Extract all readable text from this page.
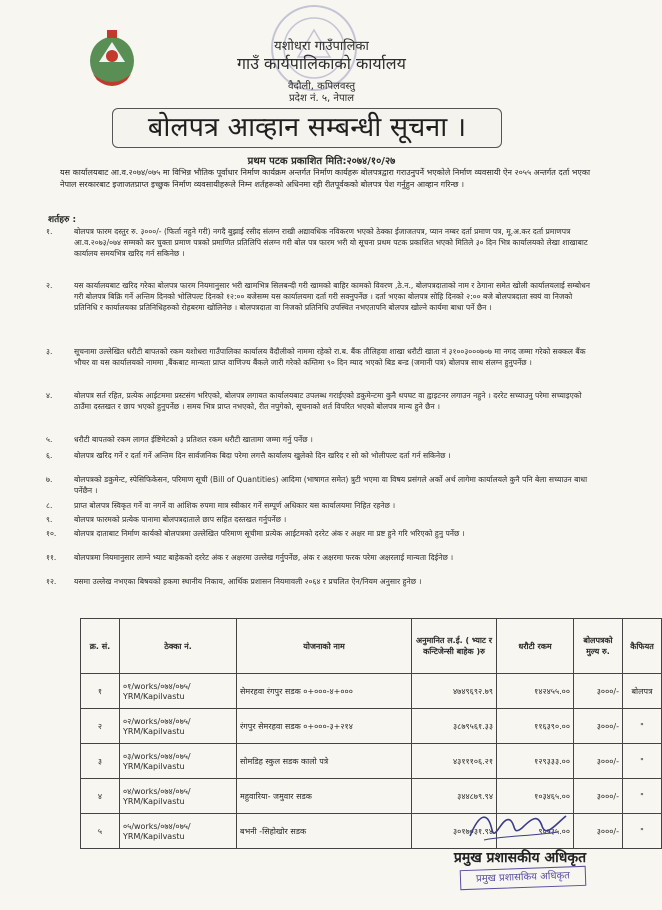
यशोधरा गाउँपालिका
गाउँ कार्यपालिकाको कार्यालय
वैदौली, कपिलवस्तु
प्रदेश नं. ५, नेपाल
बोलपत्र आव्हान सम्बन्धी सूचना ।
प्रथम पटक प्रकाशित मिति:२०७४/१०/२७
यस कार्यालयबाट आ.व.२०७४/०७५ मा विभिन्न भौतिक पूर्वाधार निर्माण कार्यक्रम अन्तर्गत निर्माण कार्यहरू बोलपत्रद्वारा गराउनुपर्ने भएकोले निर्माण व्यवसायी ऐन २०५५ अन्तर्गत दर्ता भएका नेपाल सरकारबाट इजाजतप्राप्त इच्छुक निर्माण व्यवसायीहरूले निम्न शर्तहरूको अधिनमा रही रीतपूर्वकको बोलपत्र पेश गर्नुहुन आव्हान गरिन्छ ।
शर्तहरु :
१.	बोलपत्र फारम दस्तुर रु. ३०००/- (फिर्ता नहुने गरी) नगदै बुझाई रसीद संलग्न राखी अद्यावधिक नविकरण भएको ठेक्का ईजाजतपत्र, प्यान नम्बर दर्ता प्रमाण पत्र, मू.अ.कर दर्ता प्रमाणपत्र आ.व.२०७३/०७४ सम्मको कर चुक्ता प्रमाण पत्रको प्रमाणित प्रतिलिपि संलग्न गरी बोल पत्र फारम भरी यो सूचना प्रथम पटक प्रकाशित भएको मितिले ३० दिन भित्र कार्यालयको लेखा शाखाबाट कार्यालय समयभित्र खरिद गर्न सकिनेछ ।
२.	यस कार्यालयबाट खरिद गरेका बोलपत्र फारम नियमानुसार भरी खामभित्र सिलबन्दी गरी खामको बाहिर कामको विवरण ,ठे.न., बोलपत्रदाताको नाम र ठेगाना समेत खोली कार्यालयलाई सम्बोधन गरी बोलपत्र बिक्रि गर्ने अन्तिम दिनको भोलिपल्ट दिनको १२:०० बजेसम्म यस कार्यालयमा दर्ता गरी सक्नुपर्नेछ । दर्ता भएका बोलपत्र सोहि दिनको २:०० बजे बोलपत्रदाता स्वयं वा निजको प्रतिनिधि र कार्यालयका प्रतिनिधिहरुको रोहबरमा खोलिनेछ । बोलपत्रदाता वा निजको प्रतिनिधि उपस्थित नभएतापनि बोलपत्र खोल्ने कार्यमा बाधा पर्ने छैन ।
३.	सूचनामा उल्लेखित धरौटी बापतको रकम यशोधरा गाउँपालिका कार्यालय वैदौलीको नाममा रहेको रा.ब. बैंक तौलिहवा शाखा धरौटी खाता नं ३१००३०००७०७ मा नगद जम्मा गरेको सक्कल बैंक भौचर वा यस कार्यालयको नाममा ,बैंकबाट मान्यता प्राप्त वाणिज्य बैंकले जारी गरेको कम्तिमा ९० दिन म्याद भएको बिड बन्ड (जमानी पत्र) बोलपत्र साथ संलग्न हुनुपर्नेछ ।
४.	बोलपत्र सर्त रहित, प्रत्येक आईटममा प्रस्टसंग भरिएको, बोलपत्र लगायत कार्यालयबाट उपलब्ध गराईएको डकुमेन्टमा कुनै थपघट वा ह्वाइटनर लगाउन नहुने । दररेट सच्याउनु परेमा सच्याइएको ठाउँमा दस्तखत र छाप भएको हुनुपर्नेछ । समय भित्र प्राप्त नभएको, रीत नपुगेको, सूचनाको शर्त विपरित भएको बोलपत्र मान्य हुने छैन ।
५.	धरौटी बापतको रकम लागत ईष्टिमेटको ३ प्रतिशत रकम धरौटी खातामा जम्मा गर्नु पर्नेछ ।
६.	बोलपत्र खरिद गर्ने र दर्ता गर्ने अन्तिम दिन सार्वजनिक बिदा परेमा लगत्तै कार्यालय खुलेको दिन खरिद र सो को भोलीपल्ट दर्ता गर्न सकिनेछ ।
७.	बोलपत्रको डकुमेन्ट, स्पेसिफिकेसन, परिमाण सूची (Bill of Quantities) आदिमा (भाषागत समेत) त्रुटी भएमा वा विषय प्रसंगले अर्को अर्थ लागेमा कार्यालयले कुनै पनि बेला सच्याउन बाधा पर्नेछैन ।
८.	प्राप्त बोलपत्र स्विकृत गर्ने वा नगर्ने वा आंशिक रुपमा मात्र स्वीकार गर्ने सम्पूर्ण अधिकार यस कार्यालयमा निहित रहनेछ ।
९.	बोलपत्र फारमको प्रत्येक पानामा बोलपत्रदाताले छाप सहित दस्तखत गर्नुपर्नेछ ।
१०.	बोलपत्र दाताबाट निर्माण कार्यको बोलपत्रमा उल्लेखित परिमाण सूचीमा प्रत्येक आईटमको दररेट अंक र अक्षर मा प्रष्ट हुने गरि भरिएको हुनु पर्नेछ ।
११.	बोलपत्रमा नियमानुसार लाग्ने भ्याट बाहेकको दररेट अंक र अक्षरमा उल्लेख गर्नुपर्नेछ, अंक र अक्षरमा फरक परेमा अक्षरलाई मान्यता दिईनेछ ।
१२.	यसमा उल्लेख नभएका बिषयको हकमा स्थानीय निकाय, आर्थिक प्रशासन नियमावली २०६४ र प्रचलित ऐन/नियम अनुसार हुनेछ ।
क्र. सं.	ठेक्का नं.	योजनाको नाम	अनुमानित ल.ई. ( भ्याट र कन्टिजेन्सी बाहेक )रु	धरौटी रकम	बोलपत्रको मुल्य रु.	कैफियत
१	०१/works/०७४/०७५/ YRM/Kapilvastu	सेमरहवा रंगपुर सडक ०+०००-४+०००	४७४९६९२.७९	१४२४५५.००	३०००/-	बोलपत्र
२	०२/works/०७४/०७५/ YRM/Kapilvastu	रंगपुर सेमरहवा सडक ०+०००-३+२१४	३८७९५६१.३३	११६३९०.००	३०००/-	"
३	०३/works/०७४/०७५/ YRM/Kapilvastu	सोमडिह स्कुल सडक कालो पत्रे	४३१११०६.२१	१२९३३३.००	३०००/-	"
४	०४/works/०७४/०७५/ YRM/Kapilvastu	महुवारिया- जमुवार सडक	३४४८७९.९४	१०३४६५.००	३०००/-	"
५	०५/works/०७४/०७५/ YRM/Kapilvastu	बभनी -सिहोखोर सडक	३०१७०३१.९४	९०५३५.००	३०००/-	"
प्रमुख प्रशासकीय अधिकृत
प्रमुख प्रशासकिय अधिकृत
